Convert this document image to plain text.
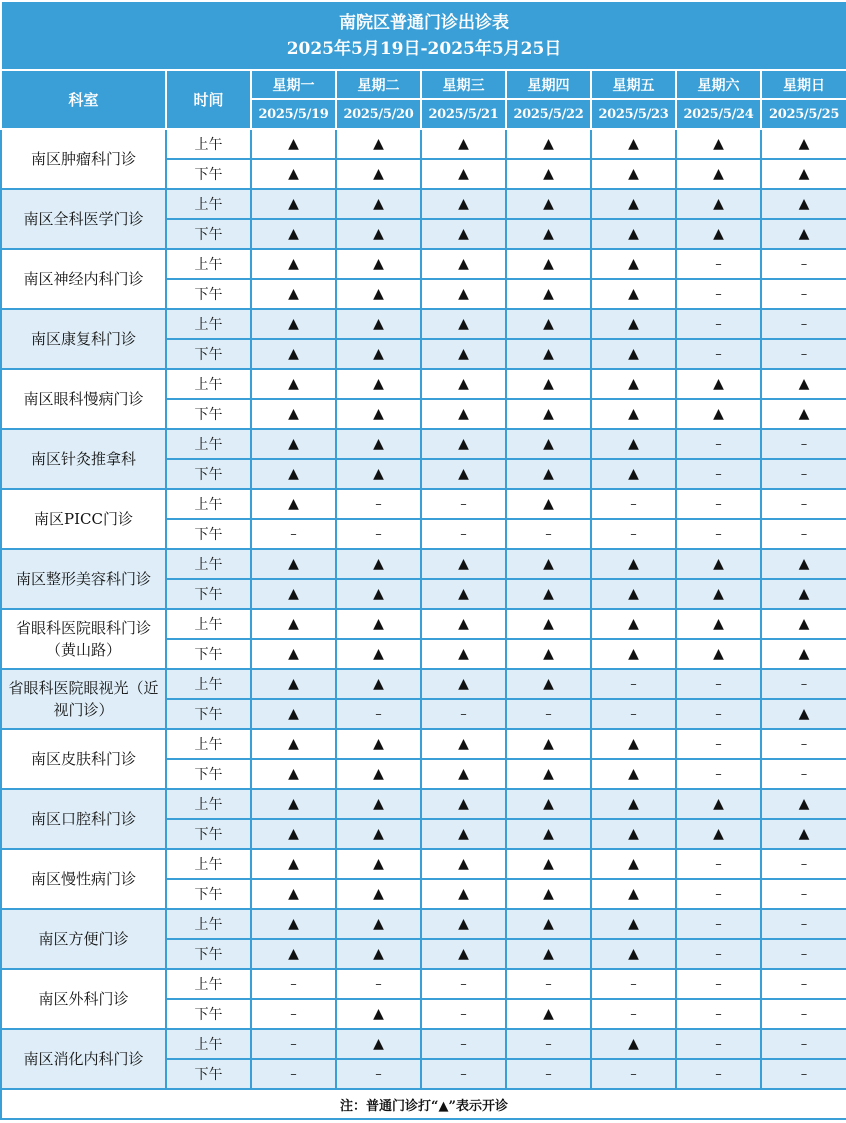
南院区普通门诊出诊表
2025年5月19日-2025年5月25日								

科室	时间	星期一	星期二	星期三	星期四	星期五	星期六	星期日
		2025/5/19	2025/5/20	2025/5/21	2025/5/22	2025/5/23	2025/5/24	2025/5/25
南区肿瘤科门诊	上午	▲	▲	▲	▲	▲	▲	▲
	下午	▲	▲	▲	▲	▲	▲	▲
南区全科医学门诊	上午	▲	▲	▲	▲	▲	▲	▲
	下午	▲	▲	▲	▲	▲	▲	▲
南区神经内科门诊	上午	▲	▲	▲	▲	▲	–	–
	下午	▲	▲	▲	▲	▲	–	–
南区康复科门诊	上午	▲	▲	▲	▲	▲	–	–
	下午	▲	▲	▲	▲	▲	–	–
南区眼科慢病门诊	上午	▲	▲	▲	▲	▲	▲	▲
	下午	▲	▲	▲	▲	▲	▲	▲
南区针灸推拿科	上午	▲	▲	▲	▲	▲	–	–
	下午	▲	▲	▲	▲	▲	–	–
南区PICC门诊	上午	▲	–	–	▲	–	–	–
	下午	–	–	–	–	–	–	–
南区整形美容科门诊	上午	▲	▲	▲	▲	▲	▲	▲
	下午	▲	▲	▲	▲	▲	▲	▲
省眼科医院眼科门诊（黄山路）	上午	▲	▲	▲	▲	▲	▲	▲
	下午	▲	▲	▲	▲	▲	▲	▲
省眼科医院眼视光（近视门诊）	上午	▲	▲	▲	▲	–	–	–
	下午	▲	–	–	–	–	–	▲
南区皮肤科门诊	上午	▲	▲	▲	▲	▲	–	–
	下午	▲	▲	▲	▲	▲	–	–
南区口腔科门诊	上午	▲	▲	▲	▲	▲	▲	▲
	下午	▲	▲	▲	▲	▲	▲	▲
南区慢性病门诊	上午	▲	▲	▲	▲	▲	–	–
	下午	▲	▲	▲	▲	▲	–	–
南区方便门诊	上午	▲	▲	▲	▲	▲	–	–
	下午	▲	▲	▲	▲	▲	–	–
南区外科门诊	上午	–	–	–	–	–	–	–
	下午	–	▲	–	▲	–	–	–
南区消化内科门诊	上午	–	▲	–	–	▲	–	–
	下午	–	–	–	–	–	–	–
注：普通门诊打“▲”表示开诊								
